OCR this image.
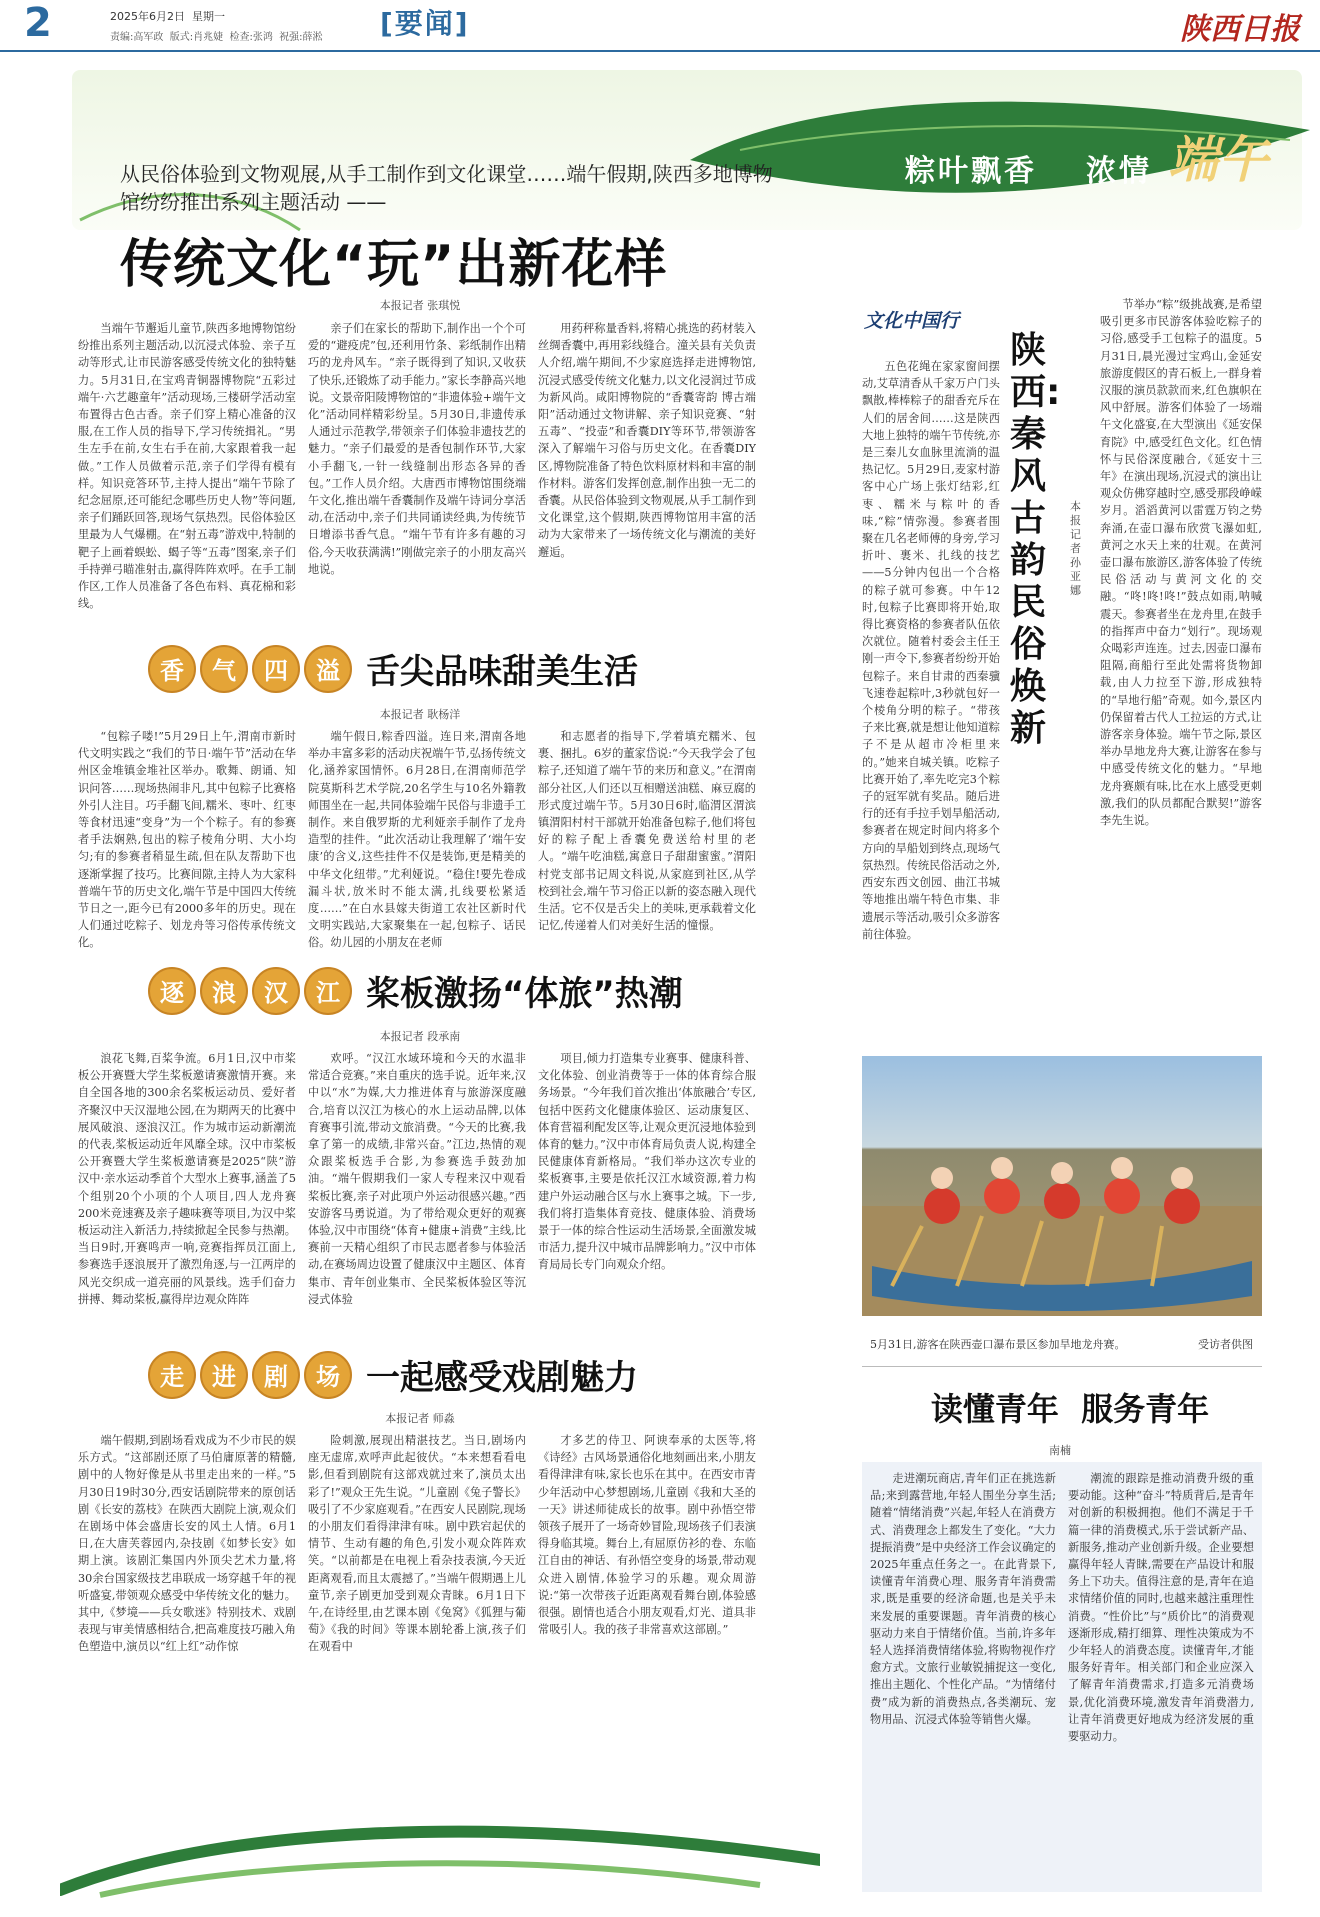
2	2025年6月2日  星期一
责编:高军政  版式:肖兆婕  检查:张鸿  祝强:薛淞 [要闻]	陕西日报
粽叶飘香 浓情 端午
从民俗体验到文物观展,从手工制作到文化课堂……端午假期,陕西多地博物馆纷纷推出系列主题活动 ——
传统文化“玩”出新花样
本报记者 张琪悦

当端午节邂逅儿童节,陕西多地博物馆纷纷推出系列主题活动,以沉浸式体验、亲子互动等形式,让市民游客感受传统文化的独特魅力。5月31日,在宝鸡青铜器博物院“五彩过端午·六艺趣童年”活动现场,三楼研学活动室布置得古色古香。亲子们穿上精心准备的汉服,在工作人员的指导下,学习传统揖礼。“男生左手在前,女生右手在前,大家跟着我一起做。”工作人员做着示范,亲子们学得有模有样。知识竞答环节,主持人提出“端午节除了纪念屈原,还可能纪念哪些历史人物”等问题,亲子们踊跃回答,现场气氛热烈。民俗体验区里最为人气爆棚。在“射五毒”游戏中,特制的靶子上画着蜈蚣、蝎子等“五毒”图案,亲子们手持弹弓瞄准射击,赢得阵阵欢呼。在手工制作区,工作人员准备了各色布料、真花棉和彩线。

亲子们在家长的帮助下,制作出一个个可爱的“避疫虎”包,还利用竹条、彩纸制作出精巧的龙舟风车。“亲子既得到了知识,又收获了快乐,还锻炼了动手能力。”家长李静高兴地说。文景帝阳陵博物馆的“非遗体验+端午文化”活动同样精彩纷呈。5月30日,非遗传承人通过示范教学,带领亲子们体验非遗技艺的魅力。“亲子们最爱的是香包制作环节,大家小手翻飞,一针一线缝制出形态各异的香包。”工作人员介绍。大唐西市博物馆围绕端午文化,推出端午香囊制作及端午诗词分享活动,在活动中,亲子们共同诵读经典,为传统节日增添书香气息。“端午节有许多有趣的习俗,今天收获满满!”刚做完亲子的小朋友高兴地说。

用药秤称量香料,将精心挑选的药材装入丝绸香囊中,再用彩线缝合。潼关县有关负责人介绍,端午期间,不少家庭选择走进博物馆,沉浸式感受传统文化魅力,以文化浸润过节成为新风尚。咸阳博物院的“香囊寄韵 博古端阳”活动通过文物讲解、亲子知识竞赛、“射五毒”、“投壶”和香囊DIY等环节,带领游客深入了解端午习俗与历史文化。在香囊DIY区,博物院准备了特色饮料原材料和丰富的制作材料。游客们发挥创意,制作出独一无二的香囊。从民俗体验到文物观展,从手工制作到文化课堂,这个假期,陕西博物馆用丰富的活动为大家带来了一场传统文化与潮流的美好邂逅。

香	气	四	溢 舌尖品味甜美生活
本报记者 耿杨洋

“包粽子喽!”5月29日上午,渭南市新时代文明实践之“我们的节日·端午节”活动在华州区金堆镇金堆社区举办。歌舞、朗诵、知识问答……现场热闹非凡,其中包粽子比赛格外引人注目。巧手翻飞间,糯米、枣叶、红枣等食材迅速“变身”为一个个粽子。有的参赛者手法娴熟,包出的粽子棱角分明、大小均匀;有的参赛者稍显生疏,但在队友帮助下也逐渐掌握了技巧。比赛间隙,主持人为大家科普端午节的历史文化,端午节是中国四大传统节日之一,距今已有2000多年的历史。现在人们通过吃粽子、划龙舟等习俗传承传统文化。

端午假日,粽香四溢。连日来,渭南各地举办丰富多彩的活动庆祝端午节,弘扬传统文化,涵养家国情怀。6月28日,在渭南师范学院莫斯科艺术学院,20名学生与10名外籍教师围坐在一起,共同体验端午民俗与非遗手工制作。来自俄罗斯的尤利娅亲手制作了龙舟造型的挂件。“此次活动让我理解了‘端午安康’的含义,这些挂件不仅是装饰,更是精美的中华文化纽带。”尤利娅说。“稳住!要先卷成漏斗状,放米时不能太满,扎线要松紧适度……”在白水县嫁夫街道工农社区新时代文明实践站,大家聚集在一起,包粽子、话民俗。幼儿园的小朋友在老师

和志愿者的指导下,学着填充糯米、包裹、捆扎。6岁的董家岱说:“今天我学会了包粽子,还知道了端午节的来历和意义。”在渭南部分社区,人们还以互相赠送油糕、麻豆腐的形式度过端午节。5月30日6时,临渭区渭滨镇渭阳村村干部就开始准备包粽子,他们将包好的粽子配上香囊免费送给村里的老人。“端午吃油糕,寓意日子甜甜蜜蜜。”渭阳村党支部书记周文科说,从家庭到社区,从学校到社会,端午节习俗正以新的姿态融入现代生活。它不仅是舌尖上的美味,更承载着文化记忆,传递着人们对美好生活的憧憬。

逐	浪	汉	江 桨板激扬“体旅”热潮
本报记者 段承南

浪花飞舞,百桨争流。6月1日,汉中市桨板公开赛暨大学生桨板邀请赛激情开赛。来自全国各地的300余名桨板运动员、爱好者齐聚汉中天汉湿地公园,在为期两天的比赛中展风破浪、逐浪汉江。作为城市运动新潮流的代表,桨板运动近年风靡全球。汉中市桨板公开赛暨大学生桨板邀请赛是2025“陕”游汉中·亲水运动季首个大型水上赛事,涵盖了5个组别20个小项的个人项目,四人龙舟赛200米竞速赛及亲子趣味赛等项目,为汉中桨板运动注入新活力,持续掀起全民参与热潮。当日9时,开赛鸣声一响,竞赛指挥员江面上,参赛选手逐浪展开了激烈角逐,与一江两岸的风光交织成一道亮丽的风景线。选手们奋力拼搏、舞动桨板,赢得岸边观众阵阵

欢呼。“汉江水域环境和今天的水温非常适合竞赛。”来自重庆的选手说。近年来,汉中以“水”为媒,大力推进体育与旅游深度融合,培育以汉江为核心的水上运动品牌,以体育赛事引流,带动文旅消费。“今天的比赛,我拿了第一的成绩,非常兴奋。”江边,热情的观众跟桨板选手合影,为参赛选手鼓劲加油。“端午假期我们一家人专程来汉中观看桨板比赛,亲子对此项户外运动很感兴趣。”西安游客马勇说道。为了带给观众更好的观赛体验,汉中市围绕“体育+健康+消费”主线,比赛前一天精心组织了市民志愿者参与体验活动,在赛场周边设置了健康汉中主题区、体育集市、青年创业集市、全民桨板体验区等沉浸式体验

项目,倾力打造集专业赛事、健康科普、文化体验、创业消费等于一体的体育综合服务场景。“今年我们首次推出‘体旅融合’专区,包括中医药文化健康体验区、运动康复区、体育营福利配发区等,让观众更沉浸地体验到体育的魅力。”汉中市体育局负责人说,构建全民健康体育新格局。“我们举办这次专业的桨板赛事,主要是依托汉江水域资源,着力构建户外运动融合区与水上赛事之城。下一步,我们将打造集体育竞技、健康体验、消费场景于一体的综合性运动生活场景,全面激发城市活力,提升汉中城市品牌影响力。”汉中市体育局局长专门向观众介绍。

走	进	剧	场 一起感受戏剧魅力
本报记者 师淼

端午假期,到剧场看戏成为不少市民的娱乐方式。“这部剧还原了马伯庸原著的精髓,剧中的人物好像是从书里走出来的一样。”5月30日19时30分,西安话剧院带来的原创话剧《长安的荔枝》在陕西大剧院上演,观众们在剧场中体会盛唐长安的风土人情。6月1日,在大唐芙蓉园内,杂技剧《如梦长安》如期上演。该剧汇集国内外顶尖艺术力量,将30余台国家级技艺串联成一场穿越千年的视听盛宴,带领观众感受中华传统文化的魅力。其中,《梦境——兵女歌迷》特别技术、戏剧表现与审美情感相结合,把高难度技巧融入角色塑造中,演员以“红上红”动作惊

险刺激,展现出精湛技艺。当日,剧场内座无虚席,欢呼声此起彼伏。“本来想看看电影,但看到剧院有这部戏就过来了,演员太出彩了!”观众王先生说。“儿童剧《兔子警长》吸引了不少家庭观看。”在西安人民剧院,现场的小朋友们看得津津有味。剧中跌宕起伏的情节、生动有趣的角色,引发小观众阵阵欢笑。“以前都是在电视上看杂技表演,今天近距离观看,而且太震撼了。”当端午假期遇上儿童节,亲子剧更加受到观众青睐。6月1日下午,在诗经里,由艺课本剧《兔窝》《狐狸与葡萄》《我的时间》等课本剧轮番上演,孩子们在观看中

才多艺的侍卫、阿谀奉承的太医等,将《诗经》古风场景通俗化地刻画出来,小朋友看得津津有味,家长也乐在其中。在西安市青少年活动中心梦想剧场,儿童剧《我和大圣的一天》讲述师徒成长的故事。剧中孙悟空带领孩子展开了一场奇妙冒险,现场孩子们表演得身临其境。舞台上,有屈原仿衫的卷、东临江自由的神话、有孙悟空变身的场景,带动观众进入剧情,体验学习的乐趣。观众周游说:“第一次带孩子近距离观看舞台剧,体验感很强。剧情也适合小朋友观看,灯光、道具非常吸引人。我的孩子非常喜欢这部剧。”

文化中国行
陕西:秦风古韵 民俗焕新
本报记者 孙亚娜

五色花绳在家家窗间摆动,艾草清香从千家万户门头飘散,棒棒粽子的甜香充斥在人们的居舍间……这是陕西大地上独特的端午节传统,亦是三秦儿女血脉里流淌的温热记忆。5月29日,麦家村游客中心广场上张灯结彩,红枣、糯米与粽叶的香味,“粽”情弥漫。参赛者围聚在几名老师傅的身旁,学习折叶、裹米、扎线的技艺——5分钟内包出一个合格的粽子就可参赛。中午12时,包粽子比赛即将开始,取得比赛资格的参赛者队伍依次就位。随着村委会主任王刚一声令下,参赛者纷纷开始包粽子。来自甘肃的西秦骥飞速卷起粽叶,3秒就包好一个棱角分明的粽子。“带孩子来比赛,就是想让他知道粽子不是从超市冷柜里来的。”她来自城关镇。吃粽子比赛开始了,率先吃完3个粽子的冠军就有奖品。随后进行的还有手拉手划旱船活动,参赛者在规定时间内将多个方向的旱船划到终点,现场气氛热烈。传统民俗活动之外,西安东西文创园、曲江书城等地推出端午特色市集、非遗展示等活动,吸引众多游客前往体验。

节举办“粽”级挑战赛,是希望吸引更多市民游客体验吃粽子的习俗,感受手工包粽子的温度。5月31日,晨光漫过宝鸡山,金延安旅游度假区的青石板上,一群身着汉服的演员款款而来,红色旗帜在风中舒展。游客们体验了一场端午文化盛宴,在大型演出《延安保育院》中,感受红色文化。红色情怀与民俗深度融合,《延安十三年》在演出现场,沉浸式的演出让观众仿佛穿越时空,感受那段峥嵘岁月。滔滔黄河以雷霆万钧之势奔涌,在壶口瀑布欣赏飞瀑如虹,黄河之水天上来的壮观。在黄河壶口瀑布旅游区,游客体验了传统民俗活动与黄河文化的交融。“咚!咚!咚!”鼓点如雨,呐喊震天。参赛者坐在龙舟里,在鼓手的指挥声中奋力“划行”。现场观众喝彩声连连。过去,因壶口瀑布阻隔,商船行至此处需将货物卸载,由人力拉至下游,形成独特的“旱地行船”奇观。如今,景区内仍保留着古代人工拉运的方式,让游客亲身体验。端午节之际,景区举办旱地龙舟大赛,让游客在参与中感受传统文化的魅力。“早地龙舟赛颇有味,比在水上感受更刺激,我们的队员都配合默契!”游客李先生说。

5月31日,游客在陕西壶口瀑布景区参加旱地龙舟赛。	受访者供图
读懂青年  服务青年
南楠

走进潮玩商店,青年们正在挑选新品;来到露营地,年轻人围坐分享生活;随着“情绪消费”兴起,年轻人在消费方式、消费理念上都发生了变化。“大力提振消费”是中央经济工作会议确定的2025年重点任务之一。在此背景下,读懂青年消费心理、服务青年消费需求,既是重要的经济命题,也是关乎未来发展的重要课题。青年消费的核心驱动力来自于情绪价值。当前,许多年轻人选择消费情绪体验,将购物视作疗愈方式。文旅行业敏锐捕捉这一变化,推出主题化、个性化产品。“为情绪付费”成为新的消费热点,各类潮玩、宠物用品、沉浸式体验等销售火爆。

潮流的跟踪是推动消费升级的重要动能。这种“奋斗”特质背后,是青年对创新的积极拥抱。他们不满足于千篇一律的消费模式,乐于尝试新产品、新服务,推动产业创新升级。企业要想赢得年轻人青睐,需要在产品设计和服务上下功夫。值得注意的是,青年在追求情绪价值的同时,也越来越注重理性消费。“性价比”与“质价比”的消费观逐渐形成,精打细算、理性决策成为不少年轻人的消费态度。读懂青年,才能服务好青年。相关部门和企业应深入了解青年消费需求,打造多元消费场景,优化消费环境,激发青年消费潜力,让青年消费更好地成为经济发展的重要驱动力。
